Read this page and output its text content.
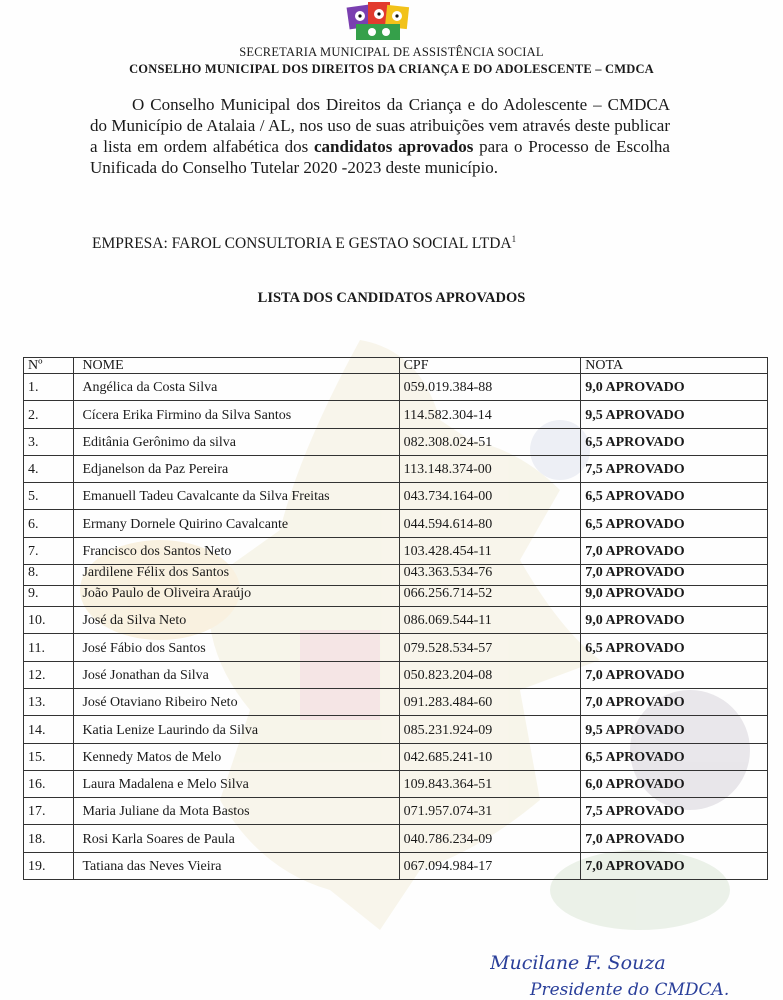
SECRETARIA MUNICIPAL DE ASSISTÊNCIA SOCIAL
CONSELHO MUNICIPAL DOS DIREITOS DA CRIANÇA E DO ADOLESCENTE – CMDCA
O Conselho Municipal dos Direitos da Criança e do Adolescente – CMDCA do Município de Atalaia / AL, nos uso de suas atribuições vem através deste publicar a lista em ordem alfabética dos candidatos aprovados para o Processo de Escolha Unificada do Conselho Tutelar 2020 -2023 deste município.
EMPRESA: FAROL CONSULTORIA E GESTAO SOCIAL LTDA$^1$
LISTA DOS CANDIDATOS APROVADOS
Nº	NOME	CPF	NOTA
1.	Angélica da Costa Silva	059.019.384-88	9,0 APROVADO
2.	Cícera Erika Firmino da Silva Santos	114.582.304-14	9,5 APROVADO
3.	Editânia Gerônimo da silva	082.308.024-51	6,5 APROVADO
4.	Edjanelson da Paz Pereira	113.148.374-00	7,5 APROVADO
5.	Emanuell Tadeu Cavalcante da Silva Freitas	043.734.164-00	6,5 APROVADO
6.	Ermany Dornele Quirino Cavalcante	044.594.614-80	6,5 APROVADO
7.	Francisco dos Santos Neto	103.428.454-11	7,0 APROVADO
8.	Jardilene Félix dos Santos	043.363.534-76	7,0 APROVADO
9.	João Paulo de Oliveira Araújo	066.256.714-52	9,0 APROVADO
10.	José da Silva Neto	086.069.544-11	9,0 APROVADO
11.	José Fábio dos Santos	079.528.534-57	6,5 APROVADO
12.	José Jonathan da Silva	050.823.204-08	7,0 APROVADO
13.	José Otaviano Ribeiro Neto	091.283.484-60	7,0 APROVADO
14.	Katia Lenize Laurindo da Silva	085.231.924-09	9,5 APROVADO
15.	Kennedy Matos de Melo	042.685.241-10	6,5 APROVADO
16.	Laura Madalena e Melo Silva	109.843.364-51	6,0 APROVADO
17.	Maria Juliane da Mota Bastos	071.957.074-31	7,5 APROVADO
18.	Rosi Karla Soares de Paula	040.786.234-09	7,0 APROVADO
19.	Tatiana das Neves Vieira	067.094.984-17	7,0 APROVADO
Mucilane F. Souza
Presidente do CMDCA.
